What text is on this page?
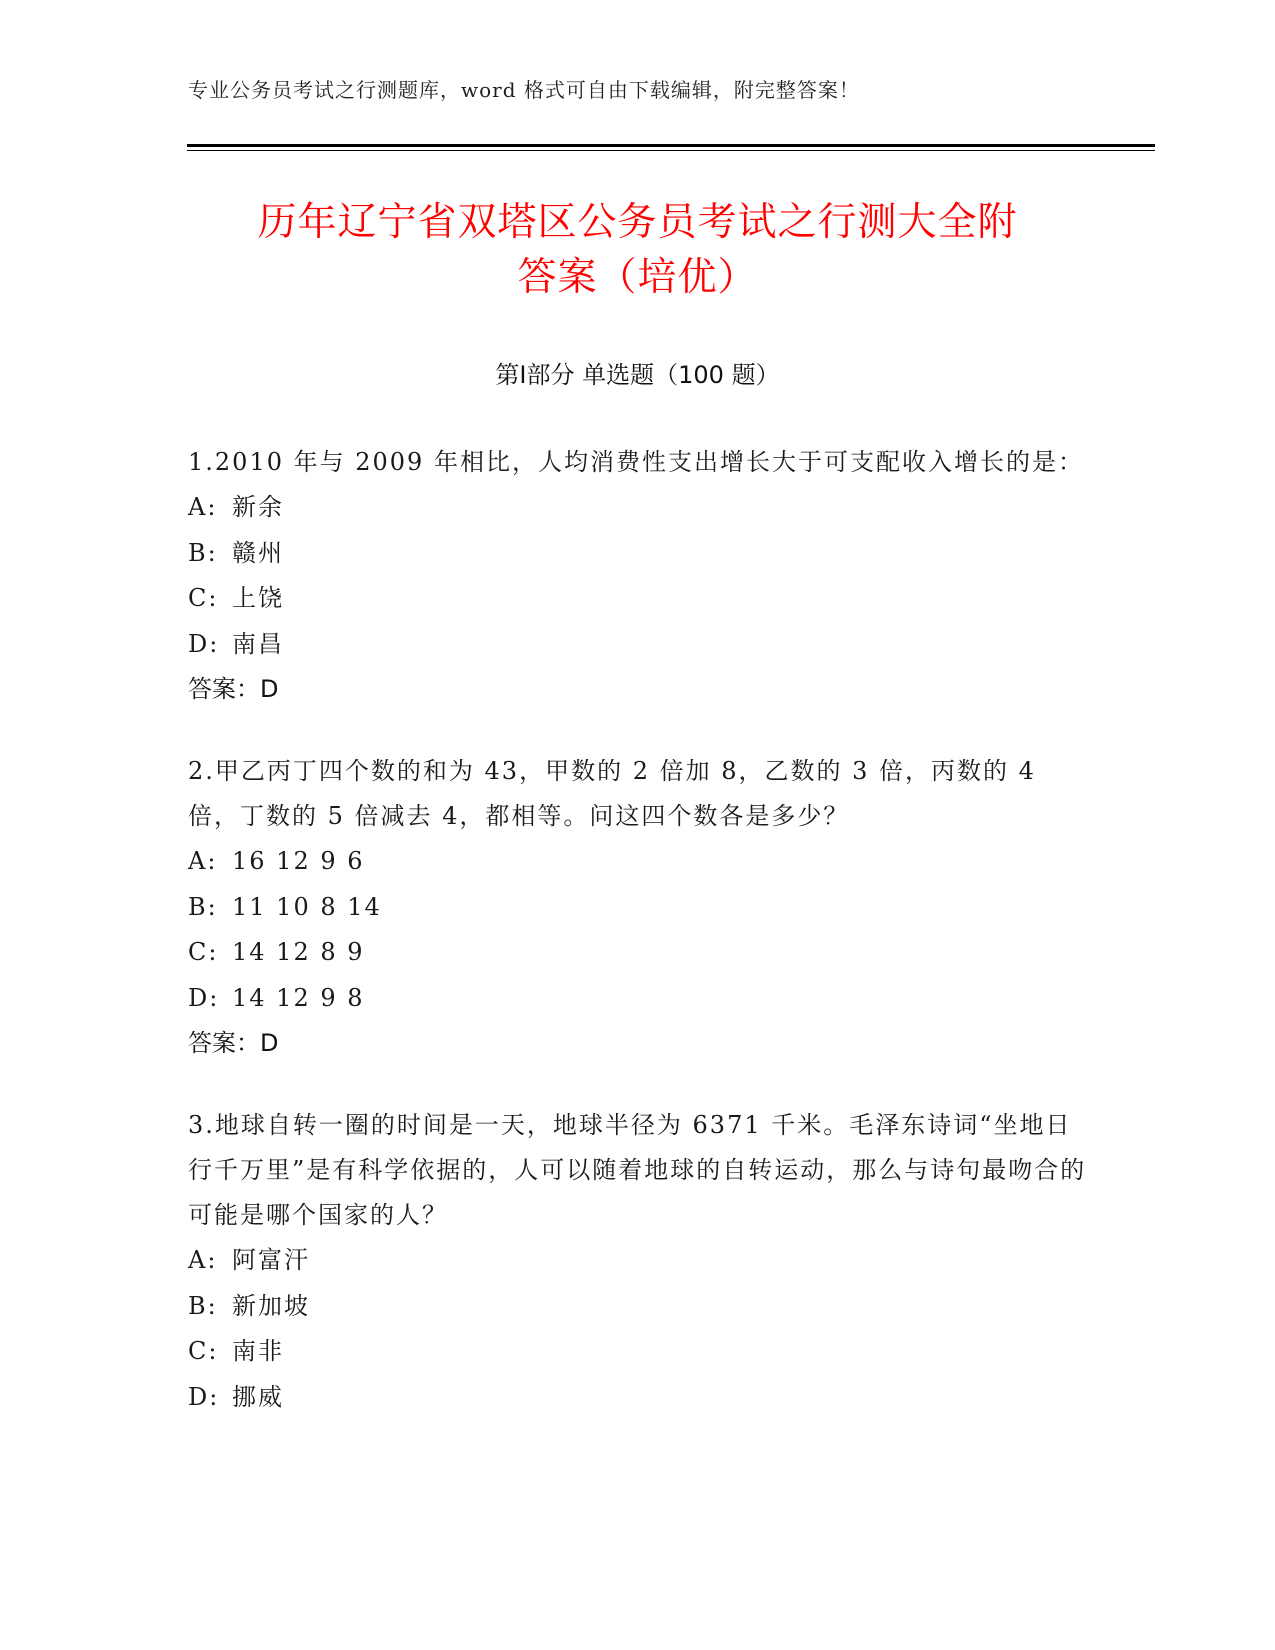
专业公务员考试之行测题库，word 格式可自由下载编辑，附完整答案！
历年辽宁省双塔区公务员考试之行测大全附
答案（培优）
第Ⅰ部分 单选题（100 题）

1.2010 年与 2009 年相比，人均消费性支出增长大于可支配收入增长的是：

A: 新余
B: 赣州
C: 上饶
D: 南昌
答案：D

2.甲乙丙丁四个数的和为 43，甲数的 2 倍加 8，乙数的 3 倍，丙数的 4 倍，丁数的 5 倍减去 4，都相等。问这四个数各是多少？

A: 16 12 9 6
B: 11 10 8 14
C: 14 12 8 9
D: 14 12 9 8
答案：D

3.地球自转一圈的时间是一天，地球半径为 6371 千米。毛泽东诗词“坐地日行千万里”是有科学依据的，人可以随着地球的自转运动，那么与诗句最吻合的可能是哪个国家的人？

A: 阿富汗
B: 新加坡
C: 南非
D: 挪威
